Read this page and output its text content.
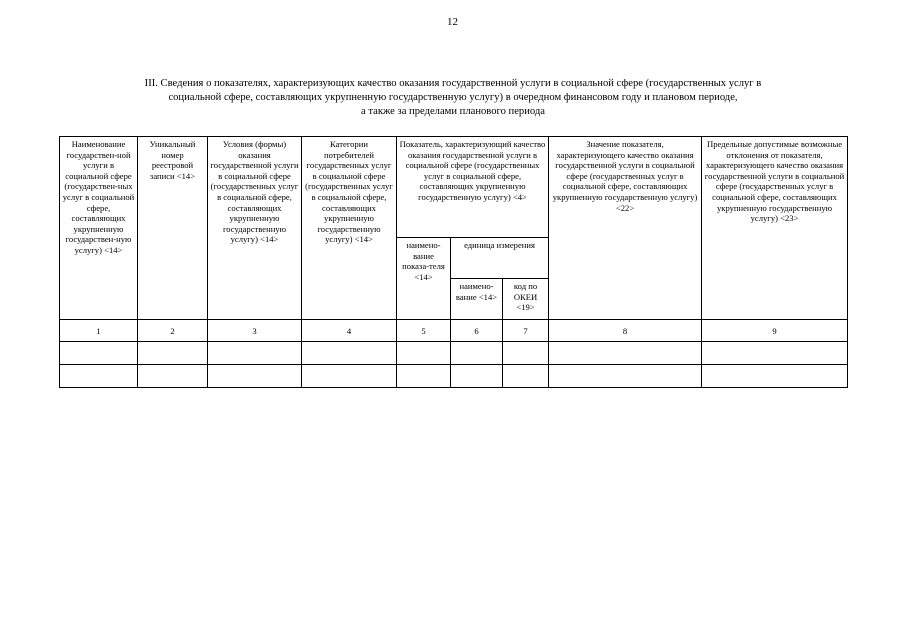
12
III. Сведения о показателях, характеризующих качество оказания государственной услуги в социальной сфере (государственных услуг в
социальной сфере, составляющих укрупненную государственную услугу) в очередном финансовом году и плановом периоде,
а также за пределами планового периода
Наименование государствен-ной услуги в социальной сфере (государствен-ных услуг в социальной сфере, составляющих укрупненную государствен-ную услугу) <14>	Уникальный номер реестровой записи <14>	Условия (формы) оказания государственной услуги в социальной сфере (государственных услуг в социальной сфере, составляющих укрупненную государственную услугу) <14>	Категории потребителей государственных услуг в социальной сфере (государственных услуг в социальной сфере, составляющих укрупненную государственную услугу) <14>	Показатель, характеризующий качество оказания государственной услуги в социальной сфере (государственных услуг в социальной сфере, составляющих укрупненную государственную услугу) <4>			Значение показателя, характеризующего качество оказания государственной услуги в социальной сфере (государственных услуг в социальной сфере, составляющих укрупненную государственную услугу) <22>	Предельные допустимые возможные отклонения от показателя, характеризующего качество оказания государственной услуги в социальной сфере (государственных услуг в социальной сфере, составляющих укрупненную государственную услугу) <23>
				наимено-вание показа-теля <14>	единица измерения			
					наимено-вание <14>	код по ОКЕИ <19>		
1	2	3	4	5	6	7	8	9
